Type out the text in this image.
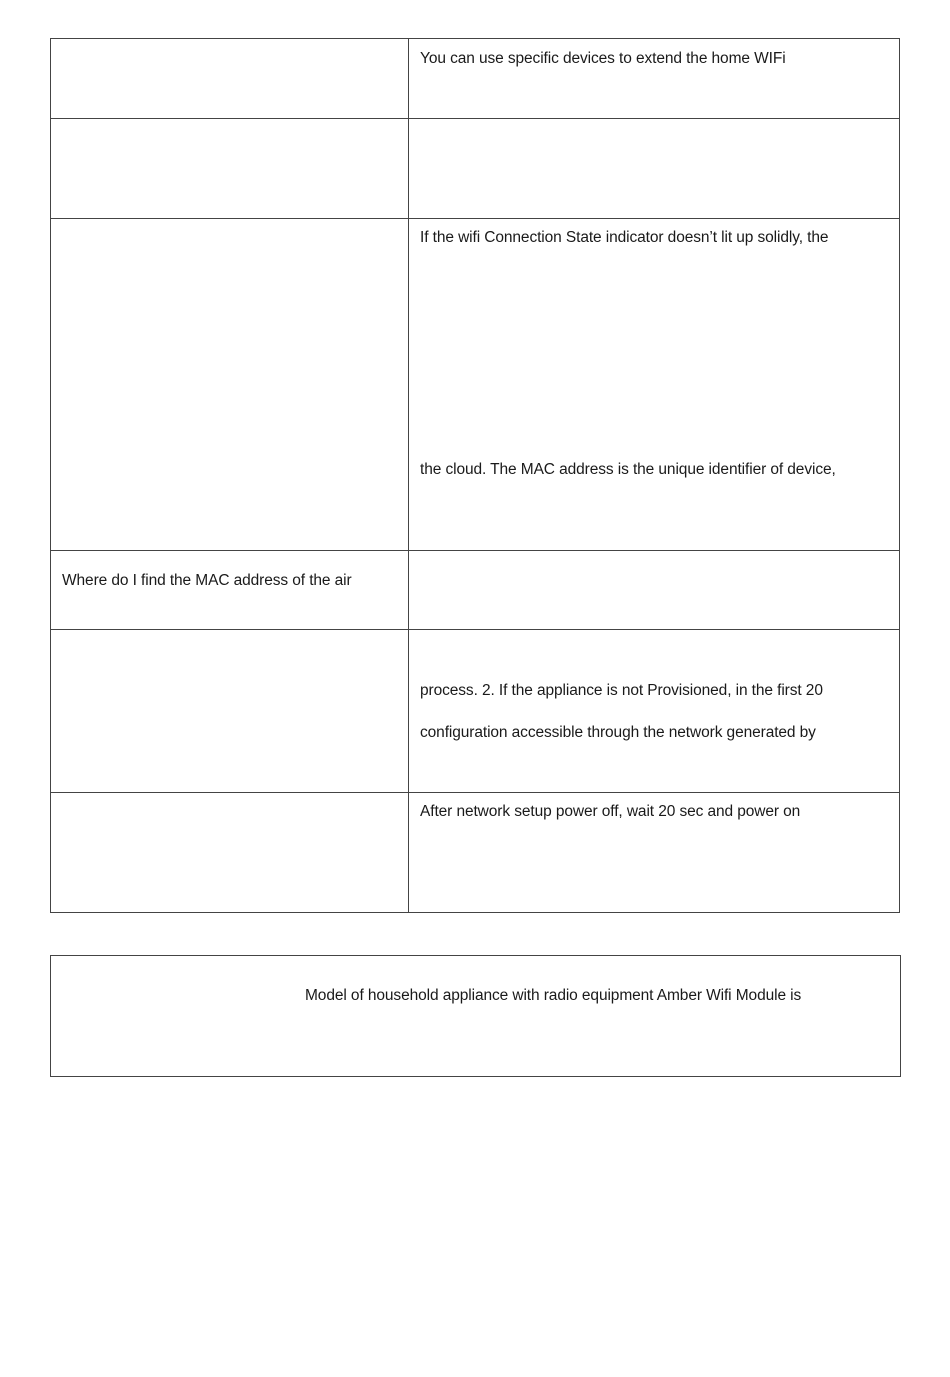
You can use specific devices to extend the home WIFi
If the wifi Connection State indicator doesn’t lit up solidly, the
the cloud. The MAC address is the unique identifier of device,
Where do I find the MAC address of the air
process. 2. If the appliance is not Provisioned, in the first 20
configuration accessible through the network generated by
After network setup power off, wait 20 sec and power on
Model of household appliance with radio equipment Amber Wifi Module is
